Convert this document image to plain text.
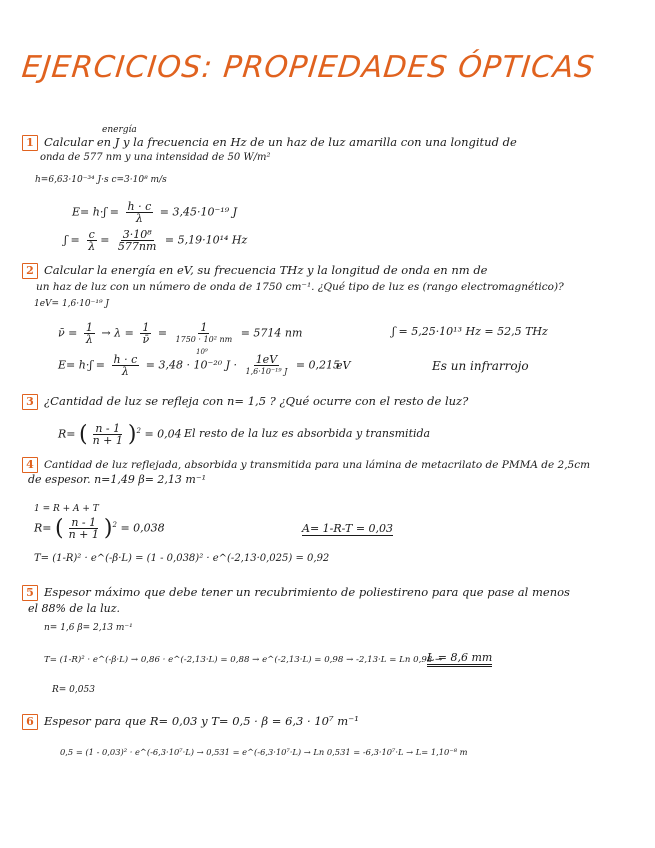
EJERCICIOS: PROPIEDADES ÓPTICAS
energía
1 Calcular en J y la frecuencia en Hz de un haz de luz amarilla con una longitud de
onda de 577 nm y una intensidad de 50 W/m²
h=6,63·10⁻³⁴ J·s c=3·10⁸ m/s
E= h·ʃ = $\frac{h \cdot c}{\lambda} = 3,45\cdot 10^{-19}$ J
ʃ = $\frac{c}{\lambda} = \frac{\text{3·10⁸}}{577nm} = 5,19\cdot 10^{14}$ Hz
2 Calcular la energía en eV, su frecuencia THz y la longitud de onda en nm de
un haz de luz con un número de onda de 1750 cm⁻¹. ¿Qué tipo de luz es (rango electromagnético)?
1eV= 1,6·10⁻¹⁹ J
ν̄ = $\frac{1}{\lambda} \to \lambda = \frac{1}{\nū} = \frac{1}{\text{1750 · 10² nm}} = 5714$ nm
10⁹
ʃ = 5,25·10¹³ Hz = 52,5 THz
E= h·ʃ = $\frac{h \cdot c}{\lambda} = 3,48 \cdot 10^{-20}$ $J \cdot \frac{1eV}{\text{1,6·10⁻¹⁹ J}} = 0,215$
eV	Es un infrarrojo
3 ¿Cantidad de luz se refleja con n= 1,5 ? ¿Qué ocurre con el resto de luz?
R= ( $\frac{n - 1}{n + 1} )^2 = 0,04$ El resto de la luz es absorbida y transmitida
4 Cantidad de luz reflejada, absorbida y transmitida para una lámina de metacrilato de PMMA de 2,5cm
de espesor. n=1,49 β= 2,13 m⁻¹
1 = R + A + T
R= ( $\frac{n - 1}{n + 1} )^2 = 0,038$	A= 1-R-T = 0,03
T= (1-R)² · e^(-β·L) = (1 - 0,038)² · e^(-2,13·0,025) = 0,92
5 Espesor máximo que debe tener un recubrimiento de poliestireno para que pase al menos
el 88% de la luz.
n= 1,6 β= 2,13 m⁻¹
T= (1-R)² · e^(-β·L) → 0,86 · e^(-2,13·L) = 0,88 → e^(-2,13·L) = 0,98 → -2,13·L = Ln 0,98 →
L = 8,6 mm
R= 0,053
6 Espesor para que R= 0,03 y T= 0,5 · β = 6,3 · 10⁷ m⁻¹
0,5 = (1 - 0,03)² · e^(-6,3·10⁷·L) → 0,531 = e^(-6,3·10⁷·L) → Ln 0,531 = -6,3·10⁷·L → L= 1,10⁻⁸ m
